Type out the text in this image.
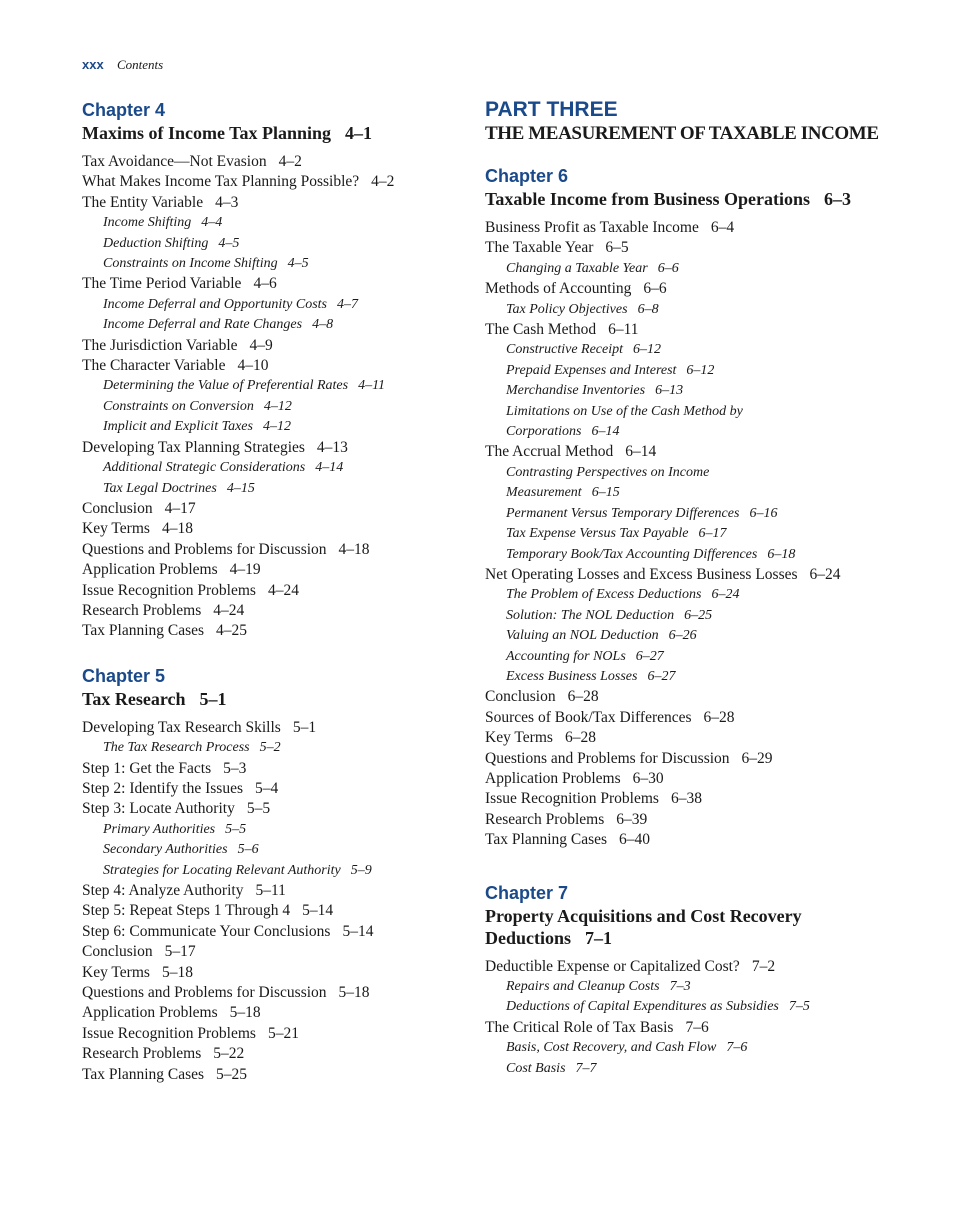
xxx Contents

Chapter 4

Maxims of Income Tax Planning 4–1

Tax Avoidance—Not Evasion 4–2
What Makes Income Tax Planning Possible? 4–2
The Entity Variable 4–3
Income Shifting 4–4
Deduction Shifting 4–5
Constraints on Income Shifting 4–5
The Time Period Variable 4–6
Income Deferral and Opportunity Costs 4–7
Income Deferral and Rate Changes 4–8
The Jurisdiction Variable 4–9
The Character Variable 4–10
Determining the Value of Preferential Rates 4–11
Constraints on Conversion 4–12
Implicit and Explicit Taxes 4–12
Developing Tax Planning Strategies 4–13
Additional Strategic Considerations 4–14
Tax Legal Doctrines 4–15
Conclusion 4–17
Key Terms 4–18
Questions and Problems for Discussion 4–18
Application Problems 4–19
Issue Recognition Problems 4–24
Research Problems 4–24
Tax Planning Cases 4–25

Chapter 5

Tax Research 5–1

Developing Tax Research Skills 5–1
The Tax Research Process 5–2
Step 1: Get the Facts 5–3
Step 2: Identify the Issues 5–4
Step 3: Locate Authority 5–5
Primary Authorities 5–5
Secondary Authorities 5–6
Strategies for Locating Relevant Authority 5–9
Step 4: Analyze Authority 5–11
Step 5: Repeat Steps 1 Through 4 5–14
Step 6: Communicate Your Conclusions 5–14
Conclusion 5–17
Key Terms 5–18
Questions and Problems for Discussion 5–18
Application Problems 5–18
Issue Recognition Problems 5–21
Research Problems 5–22
Tax Planning Cases 5–25

PART THREE

THE MEASUREMENT OF TAXABLE INCOME

Chapter 6

Taxable Income from Business Operations 6–3

Business Profit as Taxable Income 6–4
The Taxable Year 6–5
Changing a Taxable Year 6–6
Methods of Accounting 6–6
Tax Policy Objectives 6–8
The Cash Method 6–11
Constructive Receipt 6–12
Prepaid Expenses and Interest 6–12
Merchandise Inventories 6–13
Limitations on Use of the Cash Method by
Corporations 6–14
The Accrual Method 6–14
Contrasting Perspectives on Income
Measurement 6–15
Permanent Versus Temporary Differences 6–16
Tax Expense Versus Tax Payable 6–17
Temporary Book/Tax Accounting Differences 6–18
Net Operating Losses and Excess Business Losses 6–24
The Problem of Excess Deductions 6–24
Solution: The NOL Deduction 6–25
Valuing an NOL Deduction 6–26
Accounting for NOLs 6–27
Excess Business Losses 6–27
Conclusion 6–28
Sources of Book/Tax Differences 6–28
Key Terms 6–28
Questions and Problems for Discussion 6–29
Application Problems 6–30
Issue Recognition Problems 6–38
Research Problems 6–39
Tax Planning Cases 6–40

Chapter 7

Property Acquisitions and Cost Recovery Deductions 7–1

Deductible Expense or Capitalized Cost? 7–2
Repairs and Cleanup Costs 7–3
Deductions of Capital Expenditures as Subsidies 7–5
The Critical Role of Tax Basis 7–6
Basis, Cost Recovery, and Cash Flow 7–6
Cost Basis 7–7
